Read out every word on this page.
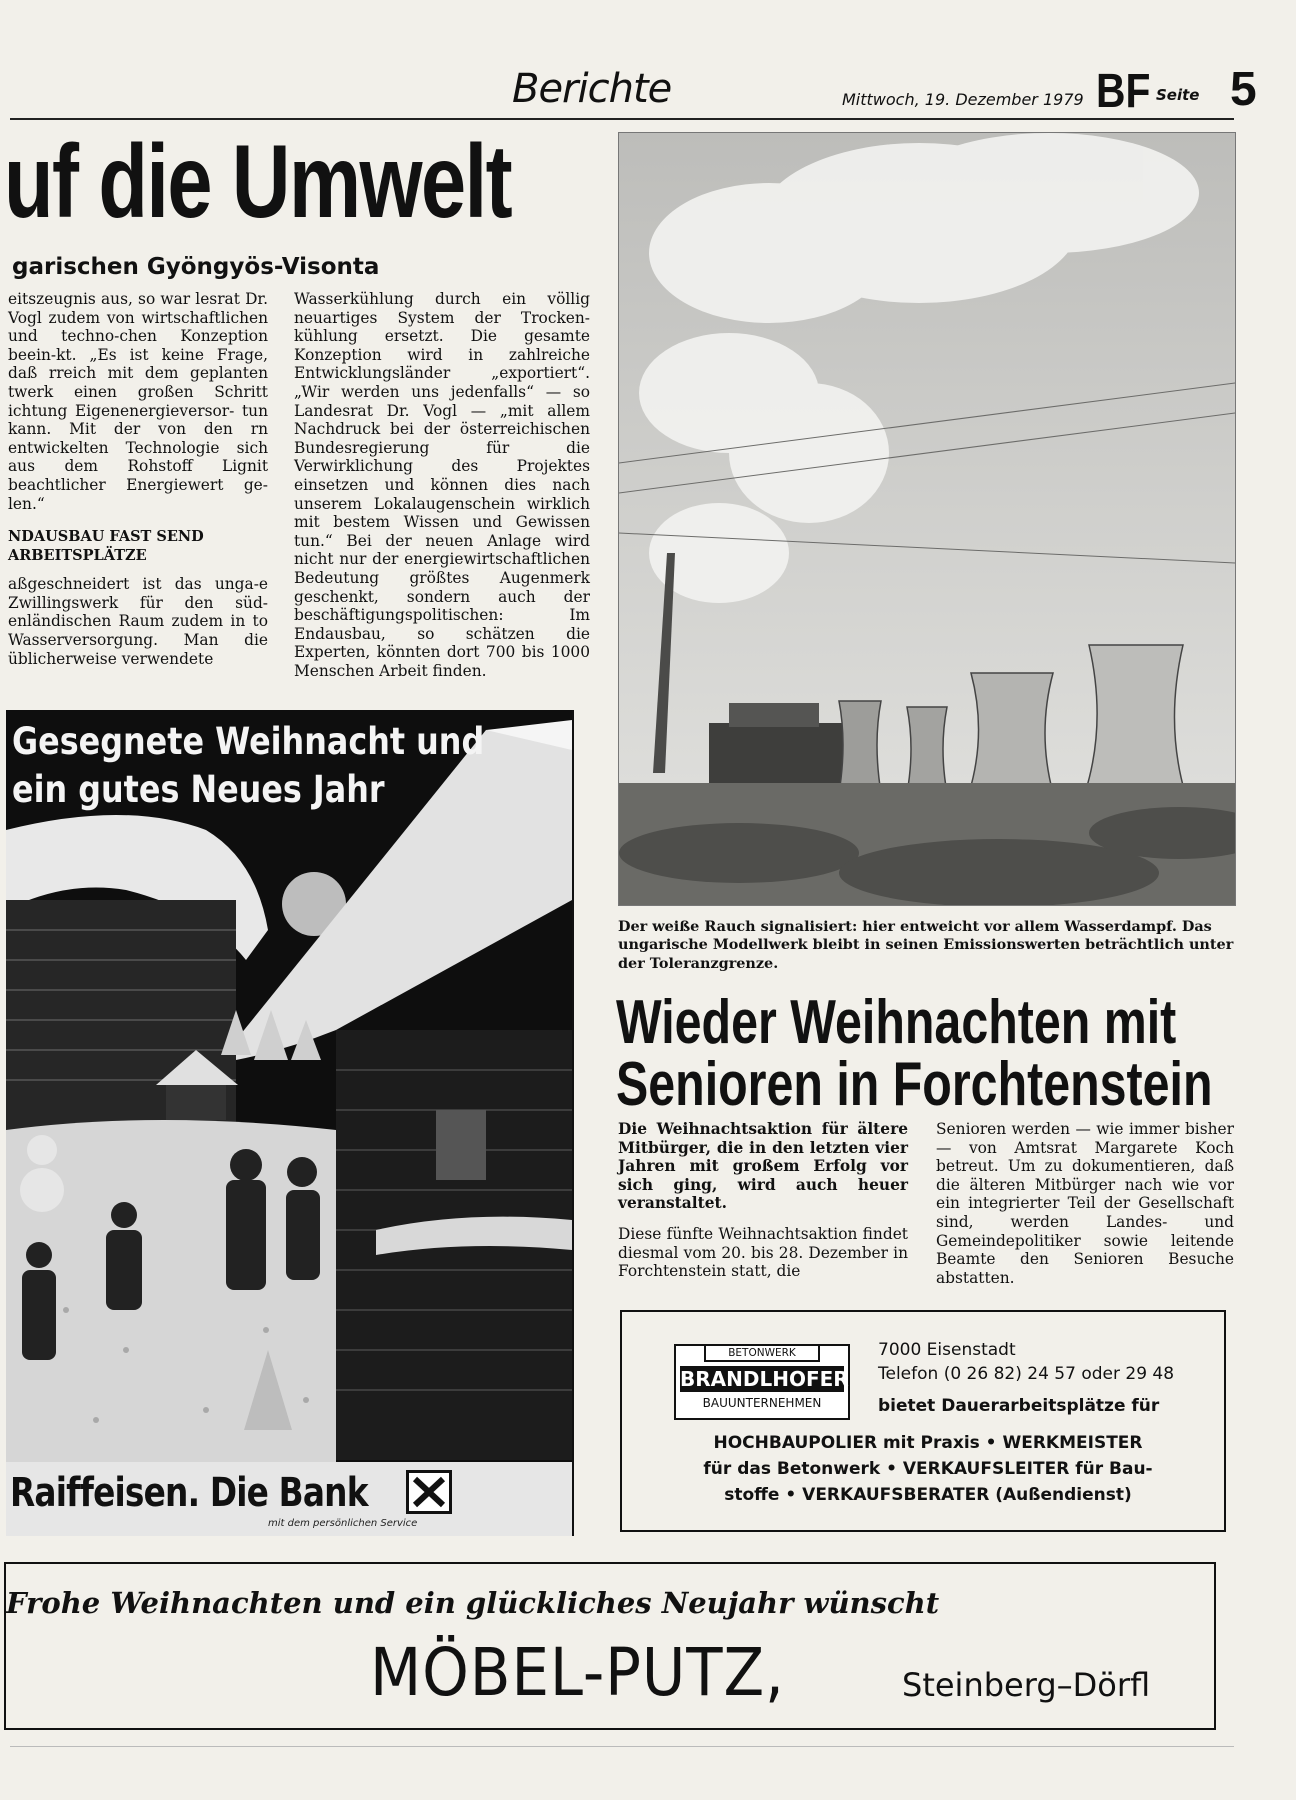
Berichte	Mittwoch, 19. Dezember 1979 BF Seite 5
uf die Umwelt
garischen Gyöngyös-Visonta

eitszeugnis aus, so war lesrat Dr. Vogl zudem von wirtschaftlichen und techno-chen Konzeption beein-kt. „Es ist keine Frage, daß rreich mit dem geplanten twerk einen großen Schritt ichtung Eigenenergieversor- tun kann. Mit der von den rn entwickelten Technologie sich aus dem Rohstoff Lignit beachtlicher Energiewert ge-len.“

NDAUSBAU FAST SEND ARBEITSPLÄTZE

aßgeschneidert ist das unga-e Zwillingswerk für den süd-enländischen Raum zudem in to Wasserversorgung. Man die üblicherweise verwendete

Wasserkühlung durch ein völlig neuartiges System der Trocken-kühlung ersetzt. Die gesamte Konzeption wird in zahlreiche Entwicklungsländer „exportiert“. „Wir werden uns jedenfalls“ — so Landesrat Dr. Vogl — „mit allem Nachdruck bei der österreichischen Bundesregierung für die Verwirklichung des Projektes einsetzen und können dies nach unserem Lokalaugenschein wirklich mit bestem Wissen und Gewissen tun.“ Bei der neuen Anlage wird nicht nur der energiewirtschaftlichen Bedeutung größtes Augenmerk geschenkt, sondern auch der beschäftigungspolitischen: Im Endausbau, so schätzen die Experten, könnten dort 700 bis 1000 Menschen Arbeit finden.

Gesegnete Weihnacht und
ein gutes Neues Jahr
Raiffeisen. Die Bank
mit dem persönlichen Service
Der weiße Rauch signalisiert: hier entweicht vor allem Wasserdampf. Das ungarische Modellwerk bleibt in seinen Emissionswerten beträchtlich unter der Toleranzgrenze.
Wieder Weihnachten mit
Senioren in Forchtenstein

Die Weihnachtsaktion für ältere Mitbürger, die in den letzten vier Jahren mit großem Erfolg vor sich ging, wird auch heuer veranstaltet.

Diese fünfte Weihnachtsaktion findet diesmal vom 20. bis 28. Dezember in Forchtenstein statt, die

Senioren werden — wie immer bisher — von Amtsrat Margarete Koch betreut. Um zu dokumentieren, daß die älteren Mitbürger nach wie vor ein integrierter Teil der Gesellschaft sind, werden Landes- und Gemeindepolitiker sowie leitende Beamte den Senioren Besuche abstatten.

BETONWERK
BRANDLHOFER
BAUUNTERNEHMEN
7000 Eisenstadt
Telefon (0 26 82) 24 57 oder 29 48
bietet Dauerarbeitsplätze für
HOCHBAUPOLIER mit Praxis • WERKMEISTER
für das Betonwerk • VERKAUFSLEITER für Bau-
stoffe • VERKAUFSBERATER (Außendienst)
Frohe Weihnachten und ein glückliches Neujahr wünscht
MÖBEL-PUTZ,	Steinberg–Dörfl
